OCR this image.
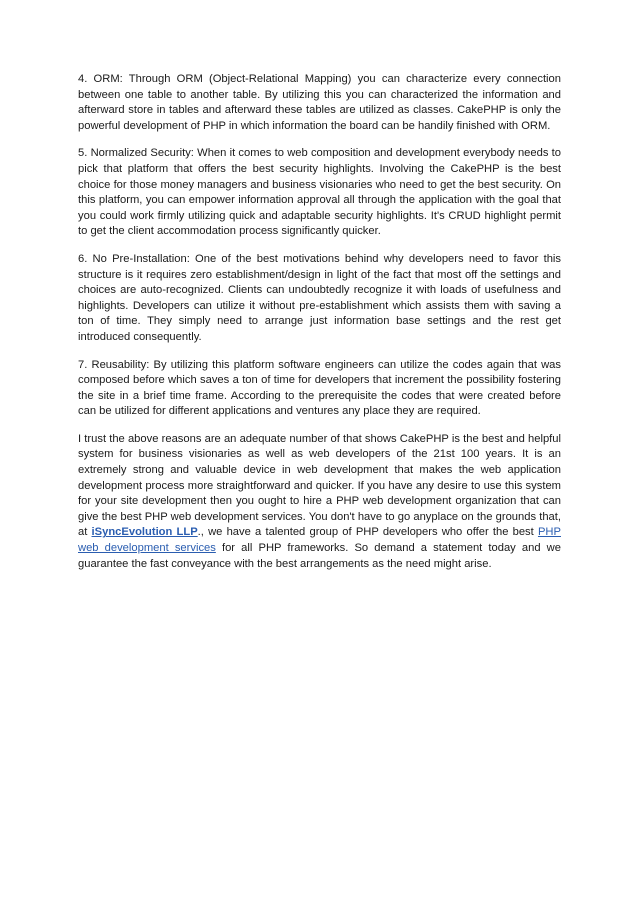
4. ORM: Through ORM (Object-Relational Mapping) you can characterize every connection between one table to another table. By utilizing this you can characterized the information and afterward store in tables and afterward these tables are utilized as classes. CakePHP is only the powerful development of PHP in which information the board can be handily finished with ORM.

5. Normalized Security: When it comes to web composition and development everybody needs to pick that platform that offers the best security highlights. Involving the CakePHP is the best choice for those money managers and business visionaries who need to get the best security. On this platform, you can empower information approval all through the application with the goal that you could work firmly utilizing quick and adaptable security highlights. It's CRUD highlight permit to get the client accommodation process significantly quicker.

6. No Pre-Installation: One of the best motivations behind why developers need to favor this structure is it requires zero establishment/design in light of the fact that most off the settings and choices are auto-recognized. Clients can undoubtedly recognize it with loads of usefulness and highlights. Developers can utilize it without pre-establishment which assists them with saving a ton of time. They simply need to arrange just information base settings and the rest get introduced consequently.

7. Reusability: By utilizing this platform software engineers can utilize the codes again that was composed before which saves a ton of time for developers that increment the possibility fostering the site in a brief time frame. According to the prerequisite the codes that were created before can be utilized for different applications and ventures any place they are required.

I trust the above reasons are an adequate number of that shows CakePHP is the best and helpful system for business visionaries as well as web developers of the 21st 100 years. It is an extremely strong and valuable device in web development that makes the web application development process more straightforward and quicker. If you have any desire to use this system for your site development then you ought to hire a PHP web development organization that can give the best PHP web development services. You don't have to go anyplace on the grounds that, at iSyncEvolution LLP., we have a talented group of PHP developers who offer the best PHP web development services for all PHP frameworks. So demand a statement today and we guarantee the fast conveyance with the best arrangements as the need might arise.
